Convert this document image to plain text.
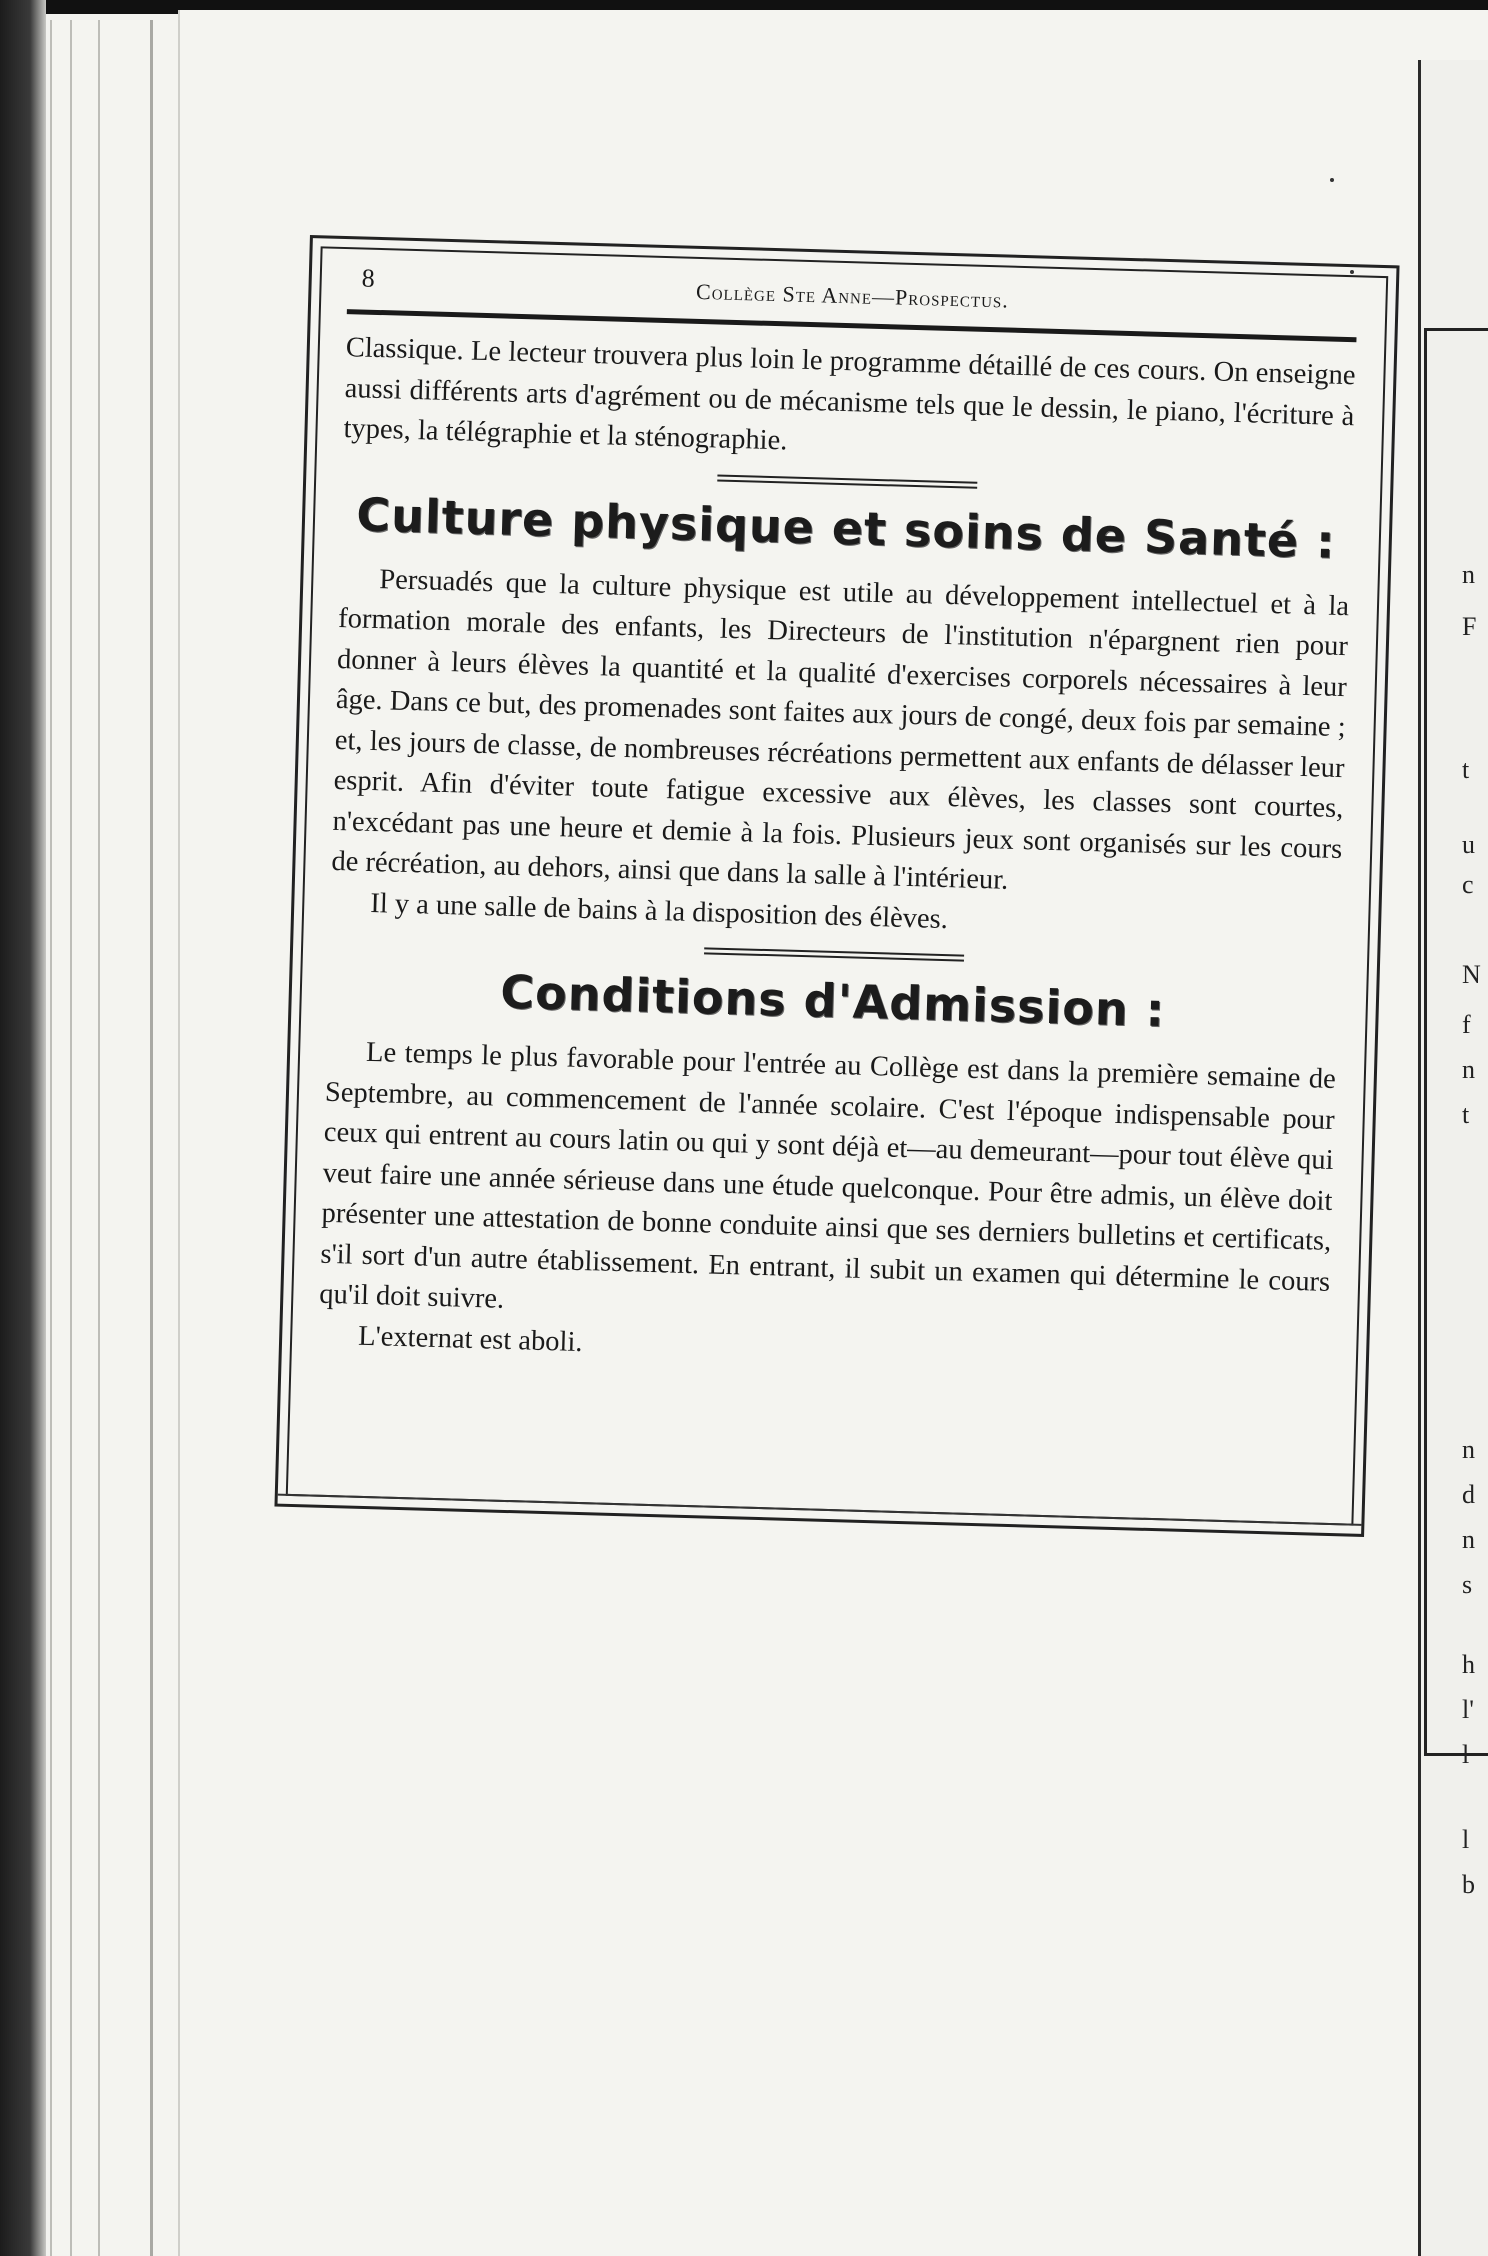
n
F
t
u
c
N
f
n
t
n
d
n
s
h
l'
l
l
b
8
Collège Ste Anne—Prospectus.

Classique. Le lecteur trouvera plus loin le programme détaillé de ces cours. On enseigne aussi différents arts d'agrément ou de mécanisme tels que le dessin, le piano, l'écriture à types, la télégraphie et la sténographie.

Culture physique et soins de Santé :

Persuadés que la culture physique est utile au développement intellectuel et à la formation morale des enfants, les Directeurs de l'institution n'épargnent rien pour donner à leurs élèves la quantité et la qualité d'exercises corporels nécessaires à leur âge. Dans ce but, des promenades sont faites aux jours de congé, deux fois par semaine ; et, les jours de classe, de nombreuses récréations permettent aux enfants de délasser leur esprit. Afin d'éviter toute fatigue excessive aux élèves, les classes sont courtes, n'excédant pas une heure et demie à la fois. Plusieurs jeux sont organisés sur les cours de récréation, au dehors, ainsi que dans la salle à l'intérieur.

Il y a une salle de bains à la disposition des élèves.

Conditions d'Admission :

Le temps le plus favorable pour l'entrée au Collège est dans la première semaine de Septembre, au commencement de l'année scolaire. C'est l'époque indispensable pour ceux qui entrent au cours latin ou qui y sont déjà et—au demeurant—pour tout élève qui veut faire une année sérieuse dans une étude quelconque. Pour être admis, un élève doit présenter une attestation de bonne conduite ainsi que ses derniers bulletins et certificats, s'il sort d'un autre établissement. En entrant, il subit un examen qui détermine le cours qu'il doit suivre.

L'externat est aboli.
